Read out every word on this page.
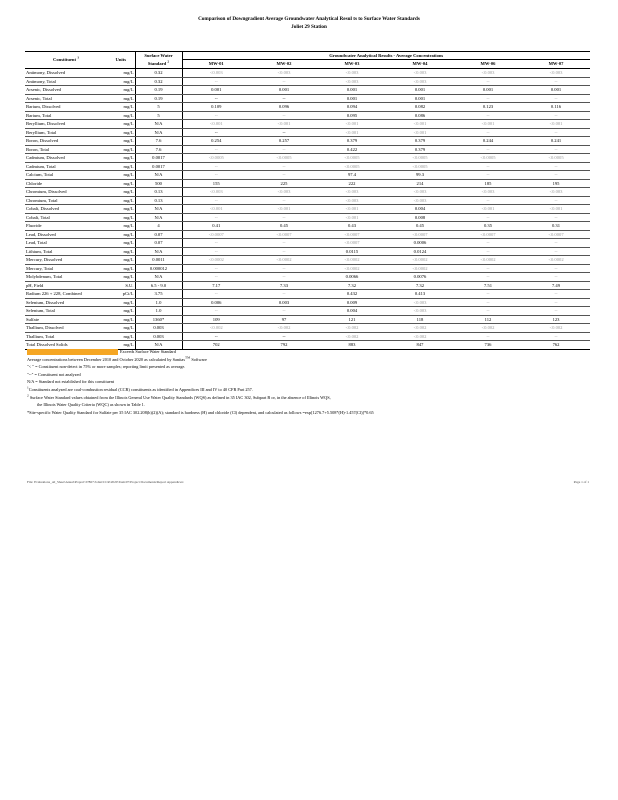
Comparison of Downgradient Average Groundwater Analytical Resul ts to Surface Water Standards
Joliet 29 Station
Constituent $^1$	Units	Surface Water	Groundwater Analytical Results - Average Concentrations					
		Standard $^2$	MW-01	MW-02	MW-03	MW-04	MW-06	MW-07
Antimony, Dissolved	mg/L	0.32	<0.003	<0.003	<0.003	<0.003	<0.003	<0.003
Antimony, Total	mg/L	0.32	--	--	<0.003	<0.003	--	--
Arsenic, Dissolved	mg/L	0.19	0.001	0.001	0.001	0.001	0.001	0.001
Arsenic, Total	mg/L	0.19	--	--	0.001	0.001	--	--
Barium, Dissolved	mg/L	5	0.109	0.096	0.094	0.082	0.123	0.116
Barium, Total	mg/L	5	--	--	0.095	0.086	--	--
Beryllium, Dissolved	mg/L	N/A	<0.001	<0.001	<0.001	<0.001	<0.001	<0.001
Beryllium, Total	mg/L	N/A	--	--	<0.001	<0.001	--	--
Boron, Dissolved	mg/L	7.6	0.254	0.257	0.379	0.379	0.244	0.241
Boron, Total	mg/L	7.6	--	--	0.422	0.379	--	--
Cadmium, Dissolved	mg/L	0.0017	<0.0005	<0.0005	<0.0005	<0.0005	<0.0005	<0.0005
Cadmium, Total	mg/L	0.0017	--	--	<0.0005	<0.0005	--	--
Calcium, Total	mg/L	N/A	--	--	97.4	99.3	--	--
Chloride	mg/L	500	155	225	222	214	185	195
Chromium, Dissolved	mg/L	0.13	<0.003	<0.003	<0.003	<0.003	<0.003	<0.003
Chromium, Total	mg/L	0.13	--	--	<0.003	<0.003	--	--
Cobalt, Dissolved	mg/L	N/A	<0.001	<0.001	<0.001	0.004	<0.001	<0.001
Cobalt, Total	mg/L	N/A	--	--	<0.001	0.008	--	--
Fluoride	mg/L	4	0.41	0.45	0.43	0.45	0.35	0.31
Lead, Dissolved	mg/L	0.07	<0.0007	<0.0007	<0.0007	<0.0007	<0.0007	<0.0007
Lead, Total	mg/L	0.07	--	--	<0.0007	0.0006	--	--
Lithium, Total	mg/L	N/A	--	--	0.0115	0.0124	--	--
Mercury, Dissolved	mg/L	0.0011	<0.0002	<0.0002	<0.0002	<0.0002	<0.0002	<0.0002
Mercury, Total	mg/L	0.000012	--	--	<0.0002	<0.0002	--	--
Molybdenum, Total	mg/L	N/A	--	--	0.0066	0.0076	--	--
pH, Field	S.U.	6.5 - 9.0	7.17	7.33	7.32	7.32	7.51	7.49
Radium 226 + 228, Combined	pCi/L	3.75	--	--	0.432	0.413	--	--
Selenium, Dissolved	mg/L	1.0	0.006	0.003	0.009	<0.003	--	--
Selenium, Total	mg/L	1.0	--	--	0.004	<0.003	--	--
Sulfate	mg/L	1360*	109	97	121	118	112	123
Thallium, Dissolved	mg/L	0.003	<0.002	<0.002	<0.002	<0.002	<0.002	<0.002
Thallium, Total	mg/L	0.003	--	--	<0.002	<0.002	--	--
Total Dissolved Solids	mg/L	N/A	702	792	883	847	736	762
Exceeds Surface Water Standard
Average concentrations between December 2010 and October 2020 as calculated by Sanitas™ Software
"< " = Constituent non-detect in 75% or more samples; reporting limit presented as average.
"--" = Constituent not analyzed
N/A = Standard not established for this constituent
$^1$Constituents analyzed are coal-combustion residual (CCR) constituents as identified in Appendices III and IV to 40 CFR Part 257.
$^2$ Surface Water Standard values obtained from the Illinois General Use Water Quality Standards (WQS) as defined in 35 IAC 302, Subpart B or, in the absence of Illinois WQS,
the Illinois Water Quality Criteria (WQC) as shown in Table 1.
*Site-specific Water Quality Standard for Sulfate per 35 IAC 302.208(h)(2)(A); standard is hardness (H) and chloride (Cl) dependent, and calculated as follows =exp[1276.7+5.508*(H)-1.457(Cl)]*0.65
File: Evaluations_AI_Sheet\Anual\Project\37867\Joliet\CCR\2020\Task\07\Project Documents\Report Appendices\	Page 1 of 1
